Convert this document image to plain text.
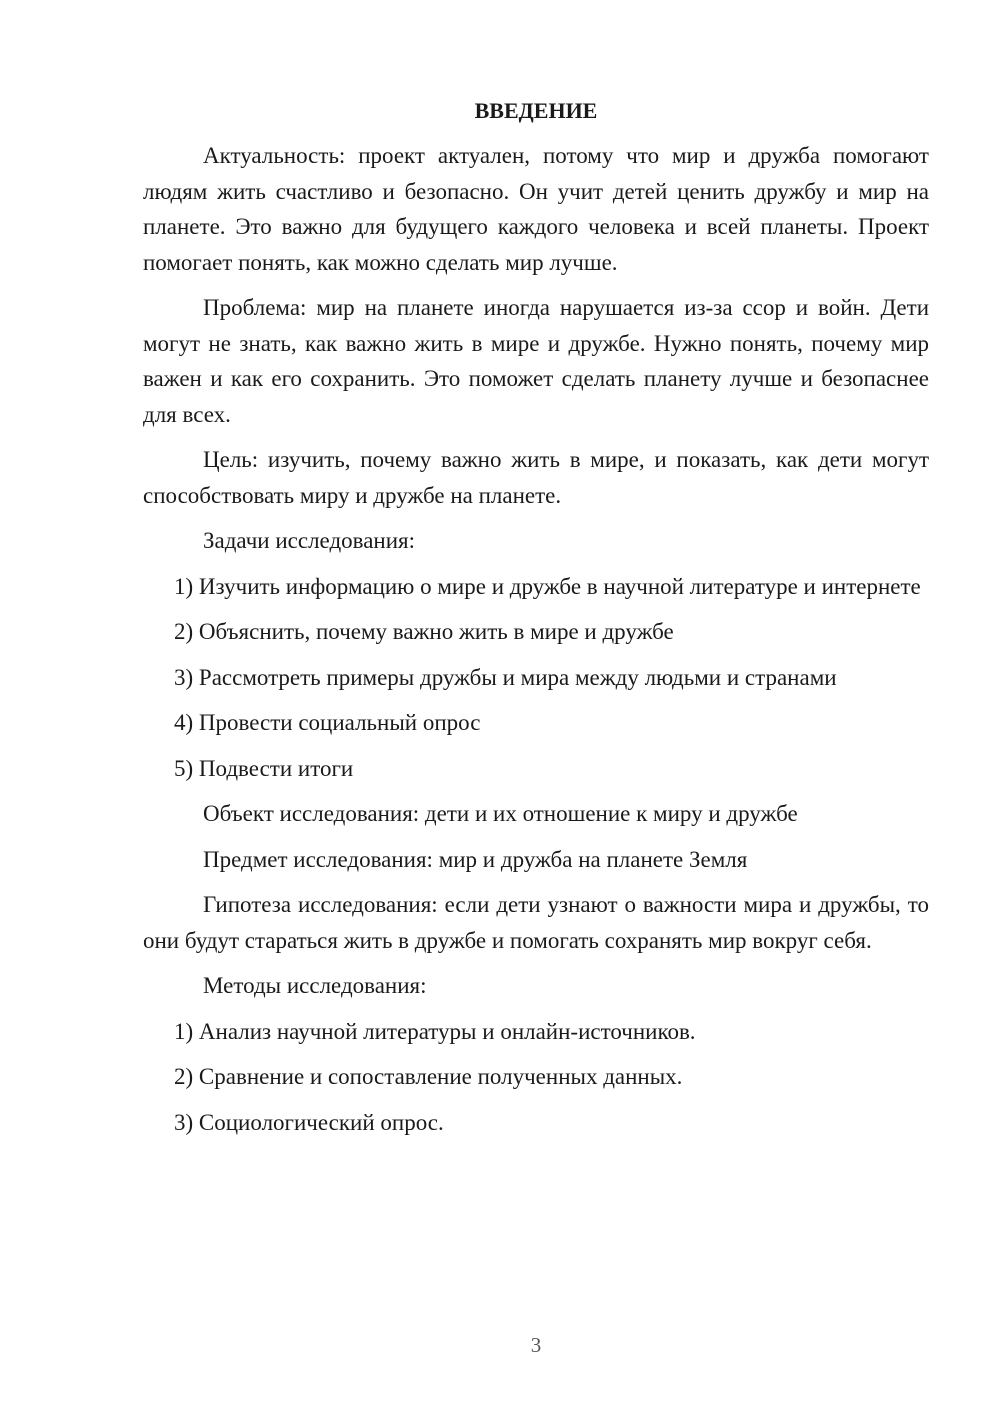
ВВЕДЕНИЕ
Актуальность: проект актуален, потому что мир и дружба помогают людям жить счастливо и безопасно. Он учит детей ценить дружбу и мир на планете. Это важно для будущего каждого человека и всей планеты. Проект помогает понять, как можно сделать мир лучше.
Проблема: мир на планете иногда нарушается из-за ссор и войн. Дети могут не знать, как важно жить в мире и дружбе. Нужно понять, почему мир важен и как его сохранить. Это поможет сделать планету лучше и безопаснее для всех.
Цель: изучить, почему важно жить в мире, и показать, как дети могут способствовать миру и дружбе на планете.
Задачи исследования:
1) Изучить информацию о мире и дружбе в научной литературе и интернете
2) Объяснить, почему важно жить в мире и дружбе
3) Рассмотреть примеры дружбы и мира между людьми и странами
4) Провести социальный опрос
5) Подвести итоги
Объект исследования: дети и их отношение к миру и дружбе
Предмет исследования: мир и дружба на планете Земля
Гипотеза исследования: если дети узнают о важности мира и дружбы, то они будут стараться жить в дружбе и помогать сохранять мир вокруг себя.
Методы исследования:
1) Анализ научной литературы и онлайн-источников.
2) Сравнение и сопоставление полученных данных.
3) Социологический опрос.
3
